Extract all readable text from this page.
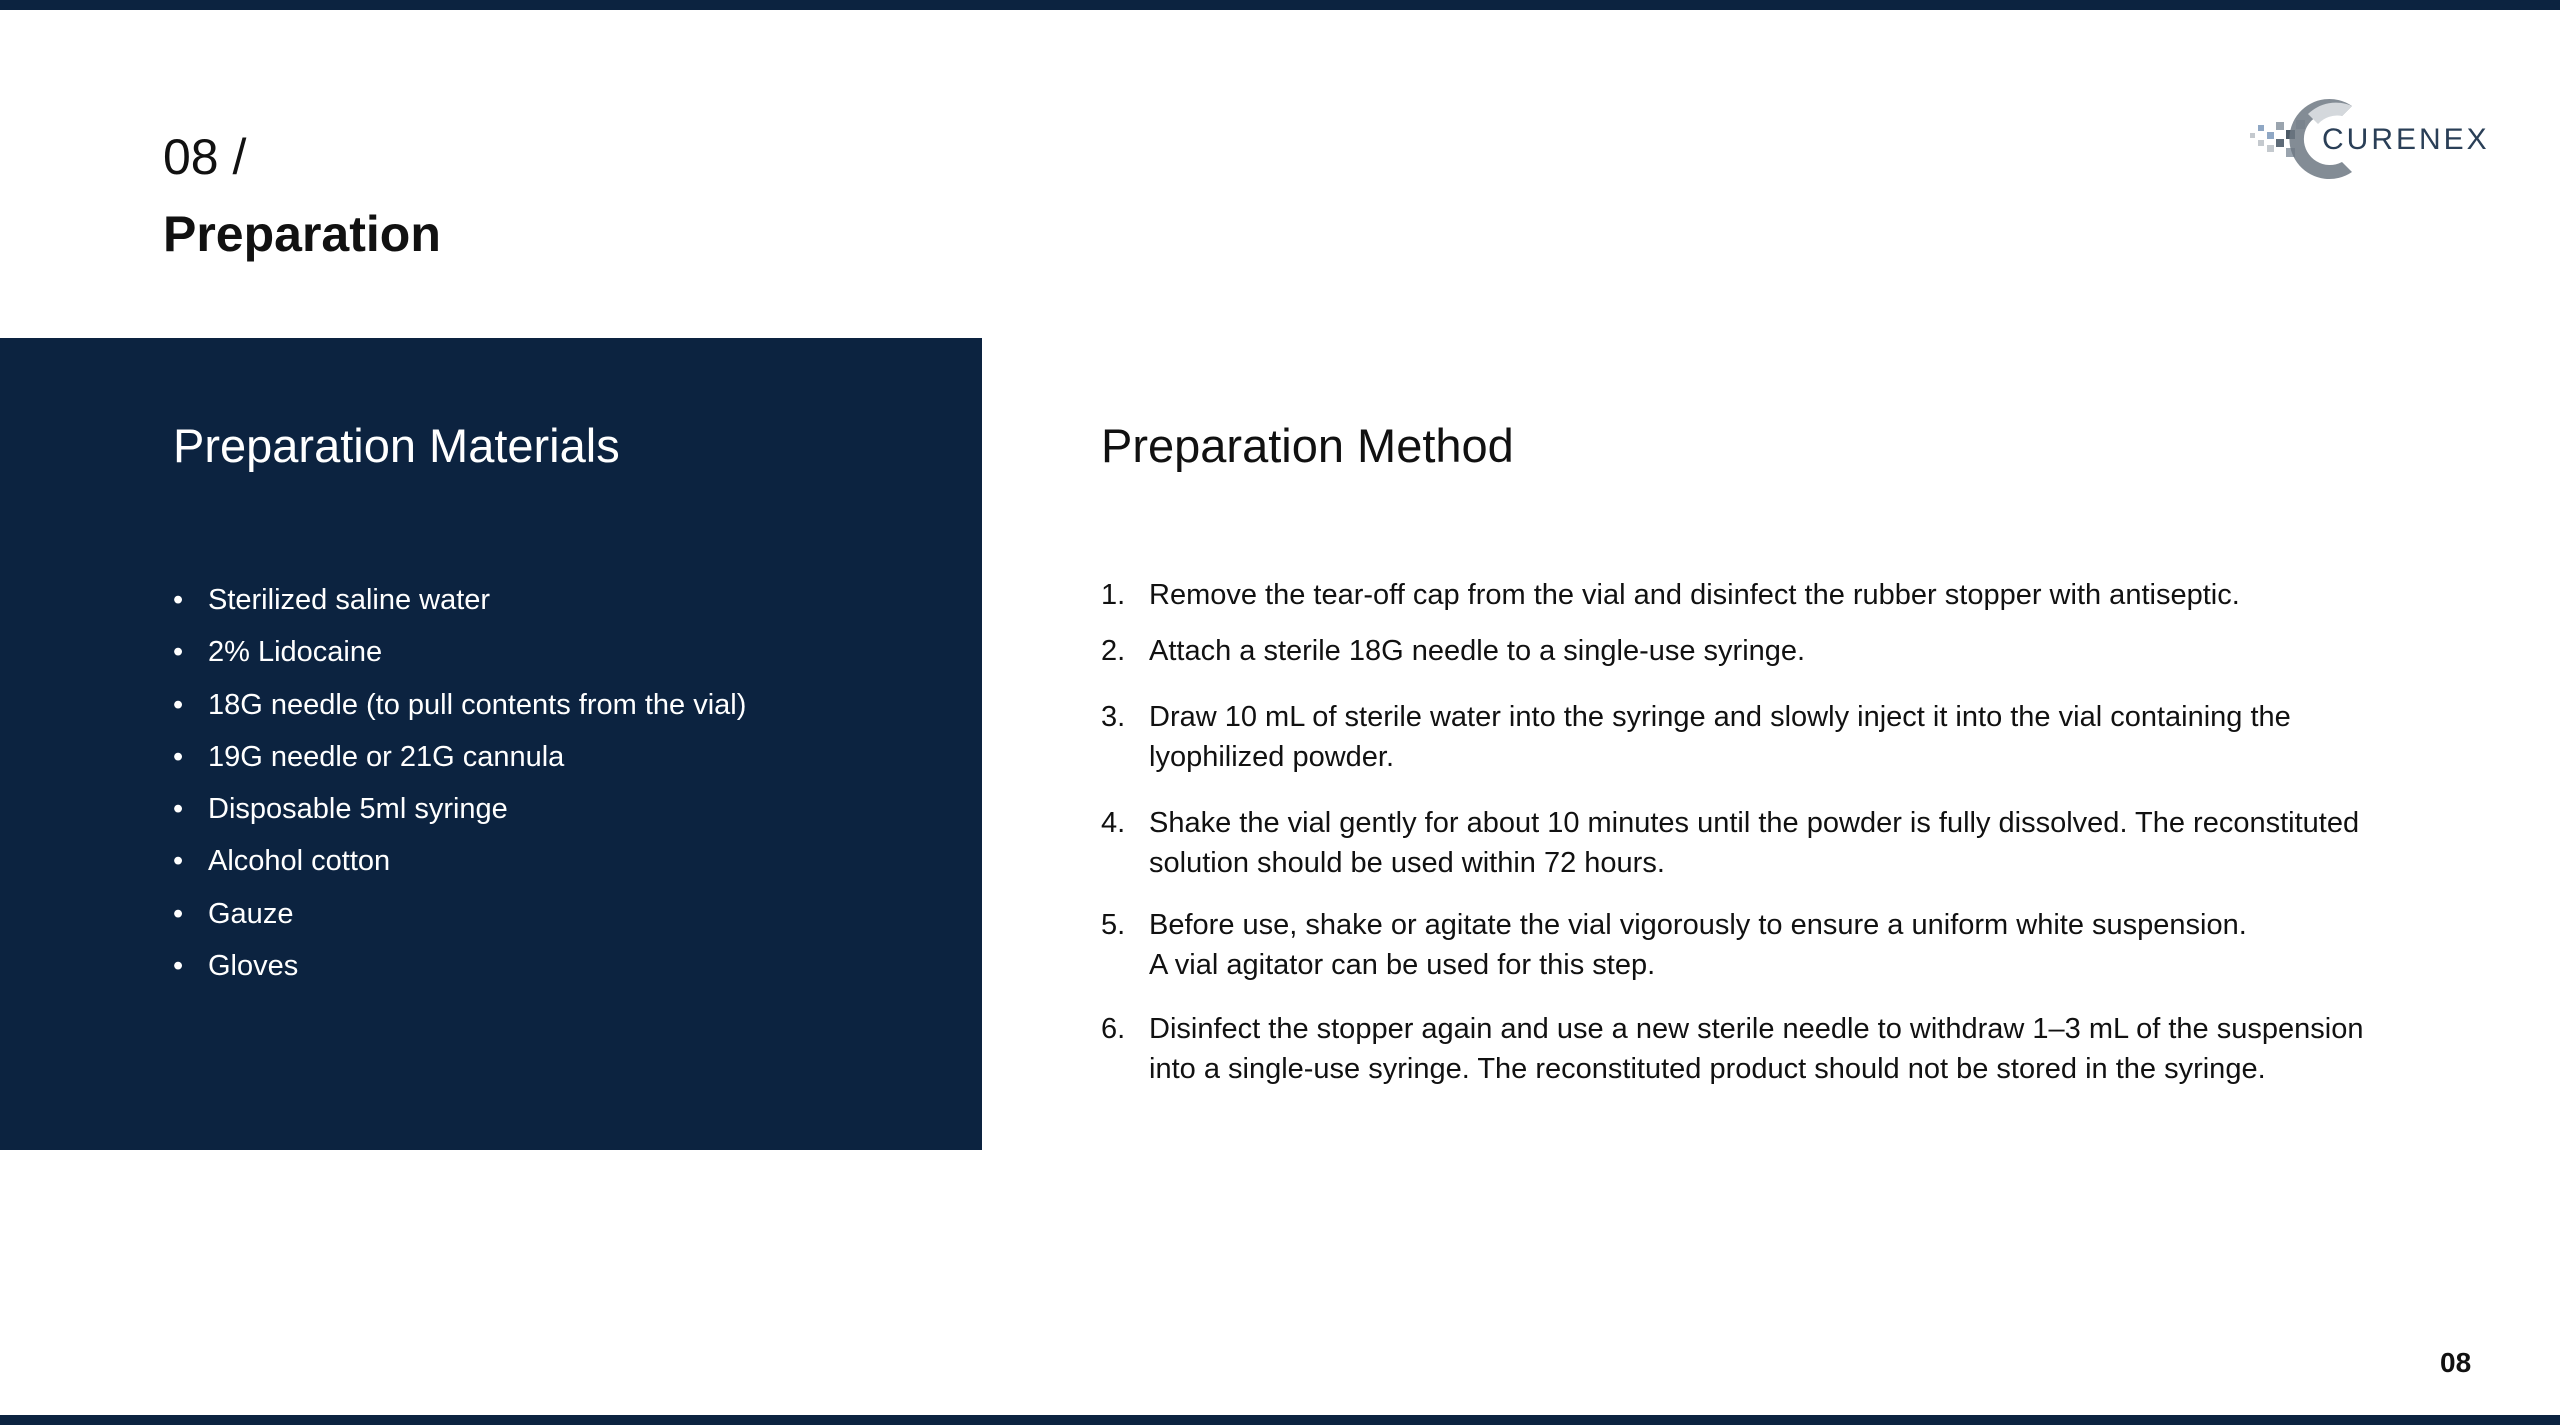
08 /
Preparation
CURENEX
Preparation Materials
• Sterilized saline water
• 2% Lidocaine
• 18G needle (to pull contents from the vial)
• 19G needle or 21G cannula
• Disposable 5ml syringe
• Alcohol cotton
• Gauze
• Gloves
Preparation Method
1. Remove the tear-off cap from the vial and disinfect the rubber stopper with antiseptic.
2. Attach a sterile 18G needle to a single-use syringe.
3. Draw 10 mL of sterile water into the syringe and slowly inject it into the vial containing the
lyophilized powder.
4. Shake the vial gently for about 10 minutes until the powder is fully dissolved. The reconstituted
solution should be used within 72 hours.
5. Before use, shake or agitate the vial vigorously to ensure a uniform white suspension.
A vial agitator can be used for this step.
6. Disinfect the stopper again and use a new sterile needle to withdraw 1–3 mL of the suspension
into a single-use syringe. The reconstituted product should not be stored in the syringe.
08
